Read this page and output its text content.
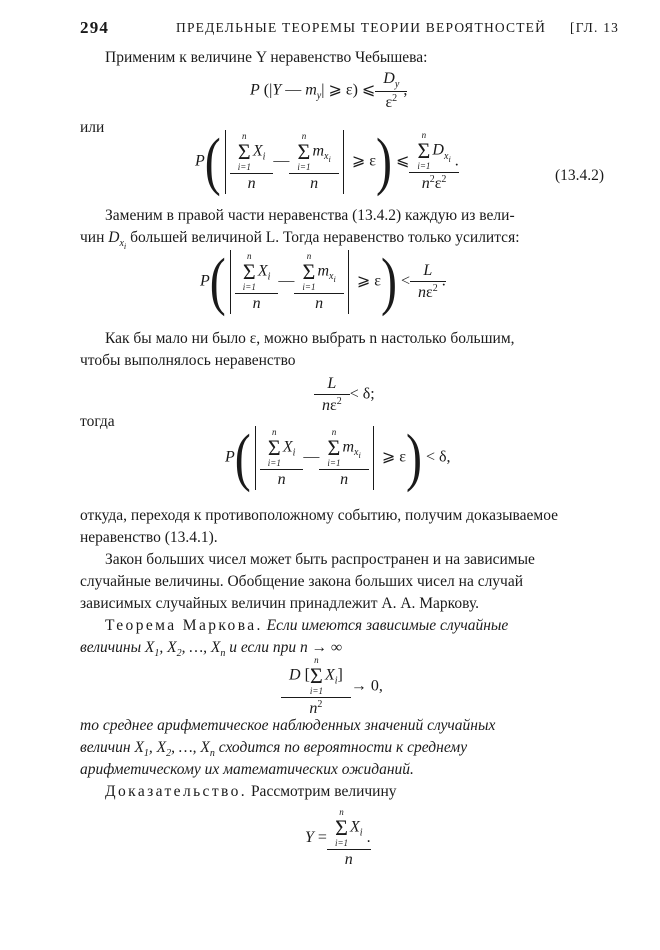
294	ПРЕДЕЛЬНЫЕ ТЕОРЕМЫ ТЕОРИИ ВЕРОЯТНОСТЕЙ [ГЛ. 13
Применим к величине Y неравенство Чебышева:
P (|Y — $m_y|$ ⩾ ε) ⩽ $\frac{D_y}{\varepsilon^2}$ ,
или
P( n
Σ
i=1
$X_i$
n — n
Σ
i=1
$m_{x_i}$
n ⩾ ε) ⩽ n
Σ
i=1
$D_{x_i}$
$n^2\varepsilon^2$ .
(13.4.2)
Заменим в правой части неравенства (13.4.2) каждую из вели-
чин $D_{x_i}$ большей величиной L. Тогда неравенство только усилится:
P( n
Σ
i=1
$X_i$
n — n
Σ
i=1
$m_{x_i}$
n ⩾ $\varepsilon) < \frac{L}{n\varepsilon^2}$ .
Как бы мало ни было ε, можно выбрать n настолько большим,
чтобы выполнялось неравенство
$\frac{L}{n\varepsilon^2} < \delta$;
тогда
P( n
Σ
i=1
$X_i$
n — n
Σ
i=1
$m_{x_i}$
n ⩾ ε) < δ,
откуда, переходя к противоположному событию, получим доказываемое
неравенство (13.4.1).
Закон больших чисел может быть распространен и на зависимые
случайные величины. Обобщение закона больших чисел на случай
зависимых случайных величин принадлежит А. А. Маркову.
Теорема Маркова. Если имеются зависимые случайные
величины $X_1$, $X_2$, …, $X_n$ и если при n → ∞
D [
n
Σ
i=1
$X_i$]
$n^2 \to 0$,
то среднее арифметическое наблюденных значений случайных
величин $X_1$, $X_2$, …, $X_n$ сходится по вероятности к среднему
арифметическому их математических ожиданий.
Доказательство. Рассмотрим величину
Y = n
Σ
i=1
$X_i$
n .
